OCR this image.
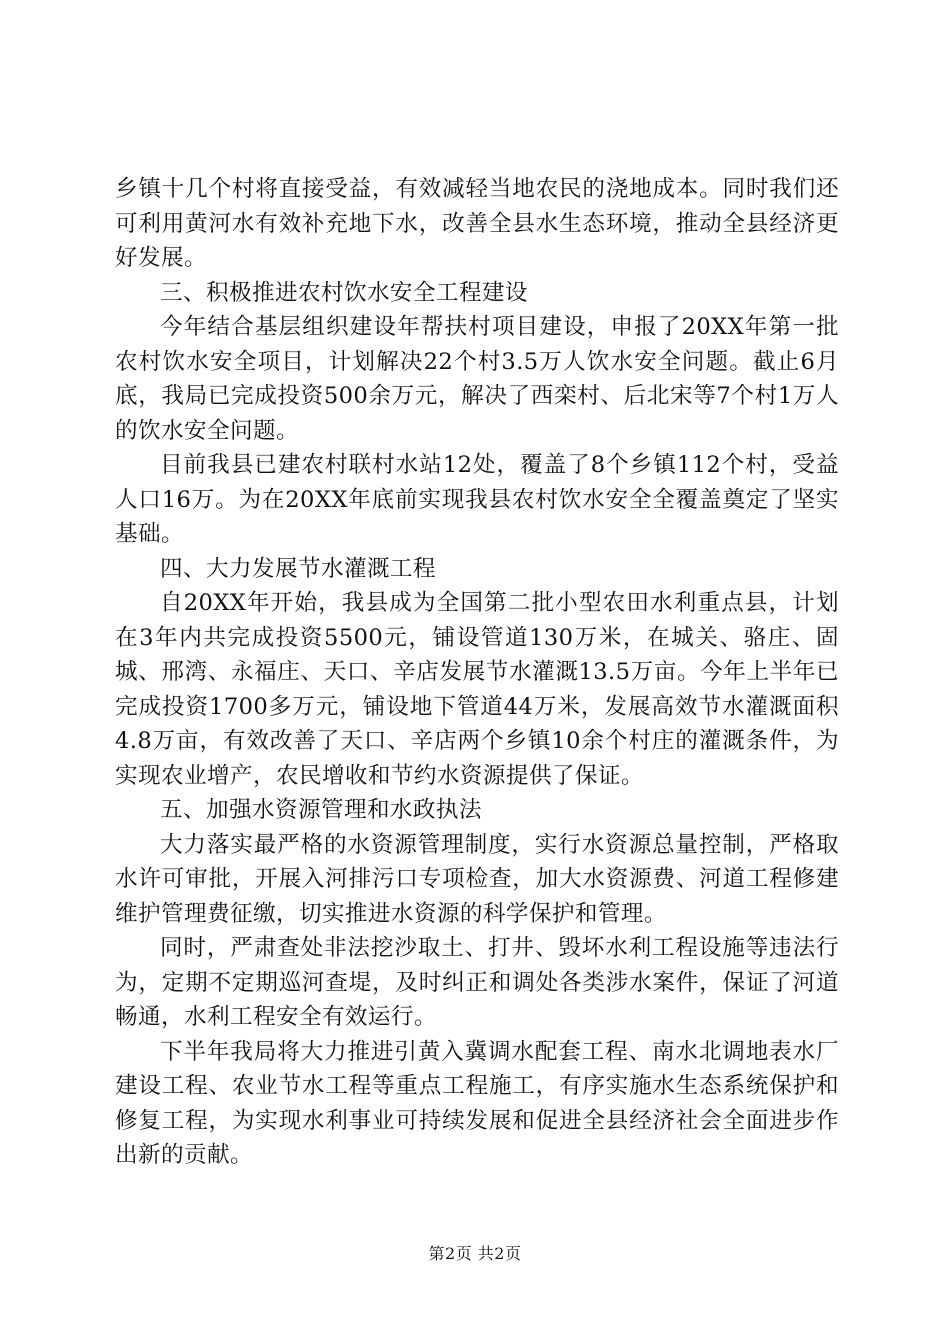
乡镇十几个村将直接受益，有效减轻当地农民的浇地成本。同时我们还可利用黄河水有效补充地下水，改善全县水生态环境，推动全县经济更好发展。

三、积极推进农村饮水安全工程建设

今年结合基层组织建设年帮扶村项目建设，申报了20XX年第一批农村饮水安全项目，计划解决22个村3.5万人饮水安全问题。截止6月底，我局已完成投资500余万元，解决了西栾村、后北宋等7个村1万人的饮水安全问题。

目前我县已建农村联村水站12处，覆盖了8个乡镇112个村，受益人口16万。为在20XX年底前实现我县农村饮水安全全覆盖奠定了坚实基础。

四、大力发展节水灌溉工程

自20XX年开始，我县成为全国第二批小型农田水利重点县，计划在3年内共完成投资5500元，铺设管道130万米，在城关、骆庄、固城、邢湾、永福庄、天口、辛店发展节水灌溉13.5万亩。今年上半年已完成投资1700多万元，铺设地下管道44万米，发展高效节水灌溉面积4.8万亩，有效改善了天口、辛店两个乡镇10余个村庄的灌溉条件，为实现农业增产，农民增收和节约水资源提供了保证。

五、加强水资源管理和水政执法

大力落实最严格的水资源管理制度，实行水资源总量控制，严格取水许可审批，开展入河排污口专项检查，加大水资源费、河道工程修建维护管理费征缴，切实推进水资源的科学保护和管理。

同时，严肃查处非法挖沙取土、打井、毁坏水利工程设施等违法行为，定期不定期巡河查堤，及时纠正和调处各类涉水案件，保证了河道畅通，水利工程安全有效运行。

下半年我局将大力推进引黄入冀调水配套工程、南水北调地表水厂建设工程、农业节水工程等重点工程施工，有序实施水生态系统保护和修复工程，为实现水利事业可持续发展和促进全县经济社会全面进步作出新的贡献。

第2页 共2页
